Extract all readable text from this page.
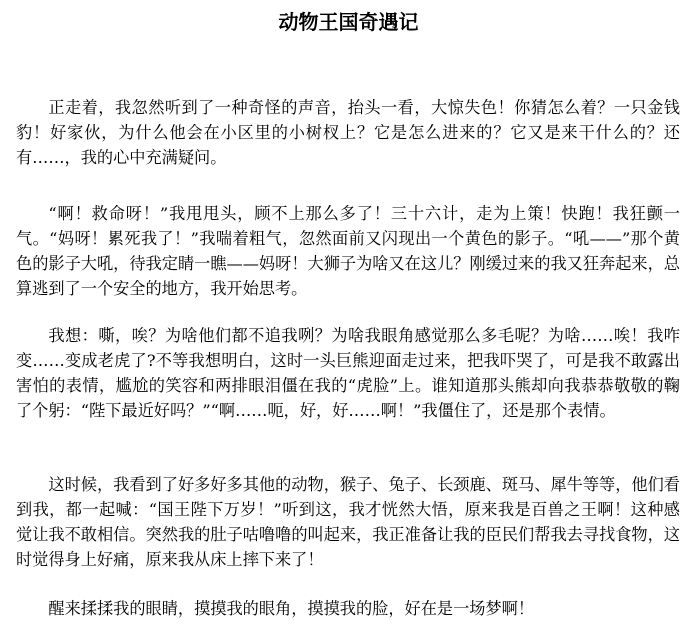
动物王国奇遇记

正走着，我忽然听到了一种奇怪的声音，抬头一看，大惊失色！你猜怎么着？一只金钱豹！好家伙，为什么他会在小区里的小树杈上？它是怎么进来的？它又是来干什么的？还有……，我的心中充满疑问。

“啊！救命呀！”我甩甩头，顾不上那么多了！三十六计，走为上策！快跑！我狂颤一气。“妈呀！累死我了！”我喘着粗气，忽然面前又闪现出一个黄色的影子。“吼——”那个黄色的影子大吼，待我定睛一瞧——妈呀！大狮子为啥又在这儿？刚缓过来的我又狂奔起来，总算逃到了一个安全的地方，我开始思考。

我想：嘶，唉？为啥他们都不追我咧？为啥我眼角感觉那么多毛呢？为啥……唉！我咋变……变成老虎了?不等我想明白，这时一头巨熊迎面走过来，把我吓哭了，可是我不敢露出害怕的表情，尴尬的笑容和两排眼泪僵在我的“虎脸”上。谁知道那头熊却向我恭恭敬敬的鞠了个躬：“陛下最近好吗？”“啊……呃，好，好……啊！”我僵住了，还是那个表情。

这时候，我看到了好多好多其他的动物，猴子、兔子、长颈鹿、斑马、犀牛等等，他们看到我，都一起喊：“国王陛下万岁！”听到这，我才恍然大悟，原来我是百兽之王啊！这种感觉让我不敢相信。突然我的肚子咕噜噜的叫起来，我正准备让我的臣民们帮我去寻找食物，这时觉得身上好痛，原来我从床上摔下来了！

醒来揉揉我的眼睛，摸摸我的眼角，摸摸我的脸，好在是一场梦啊！
